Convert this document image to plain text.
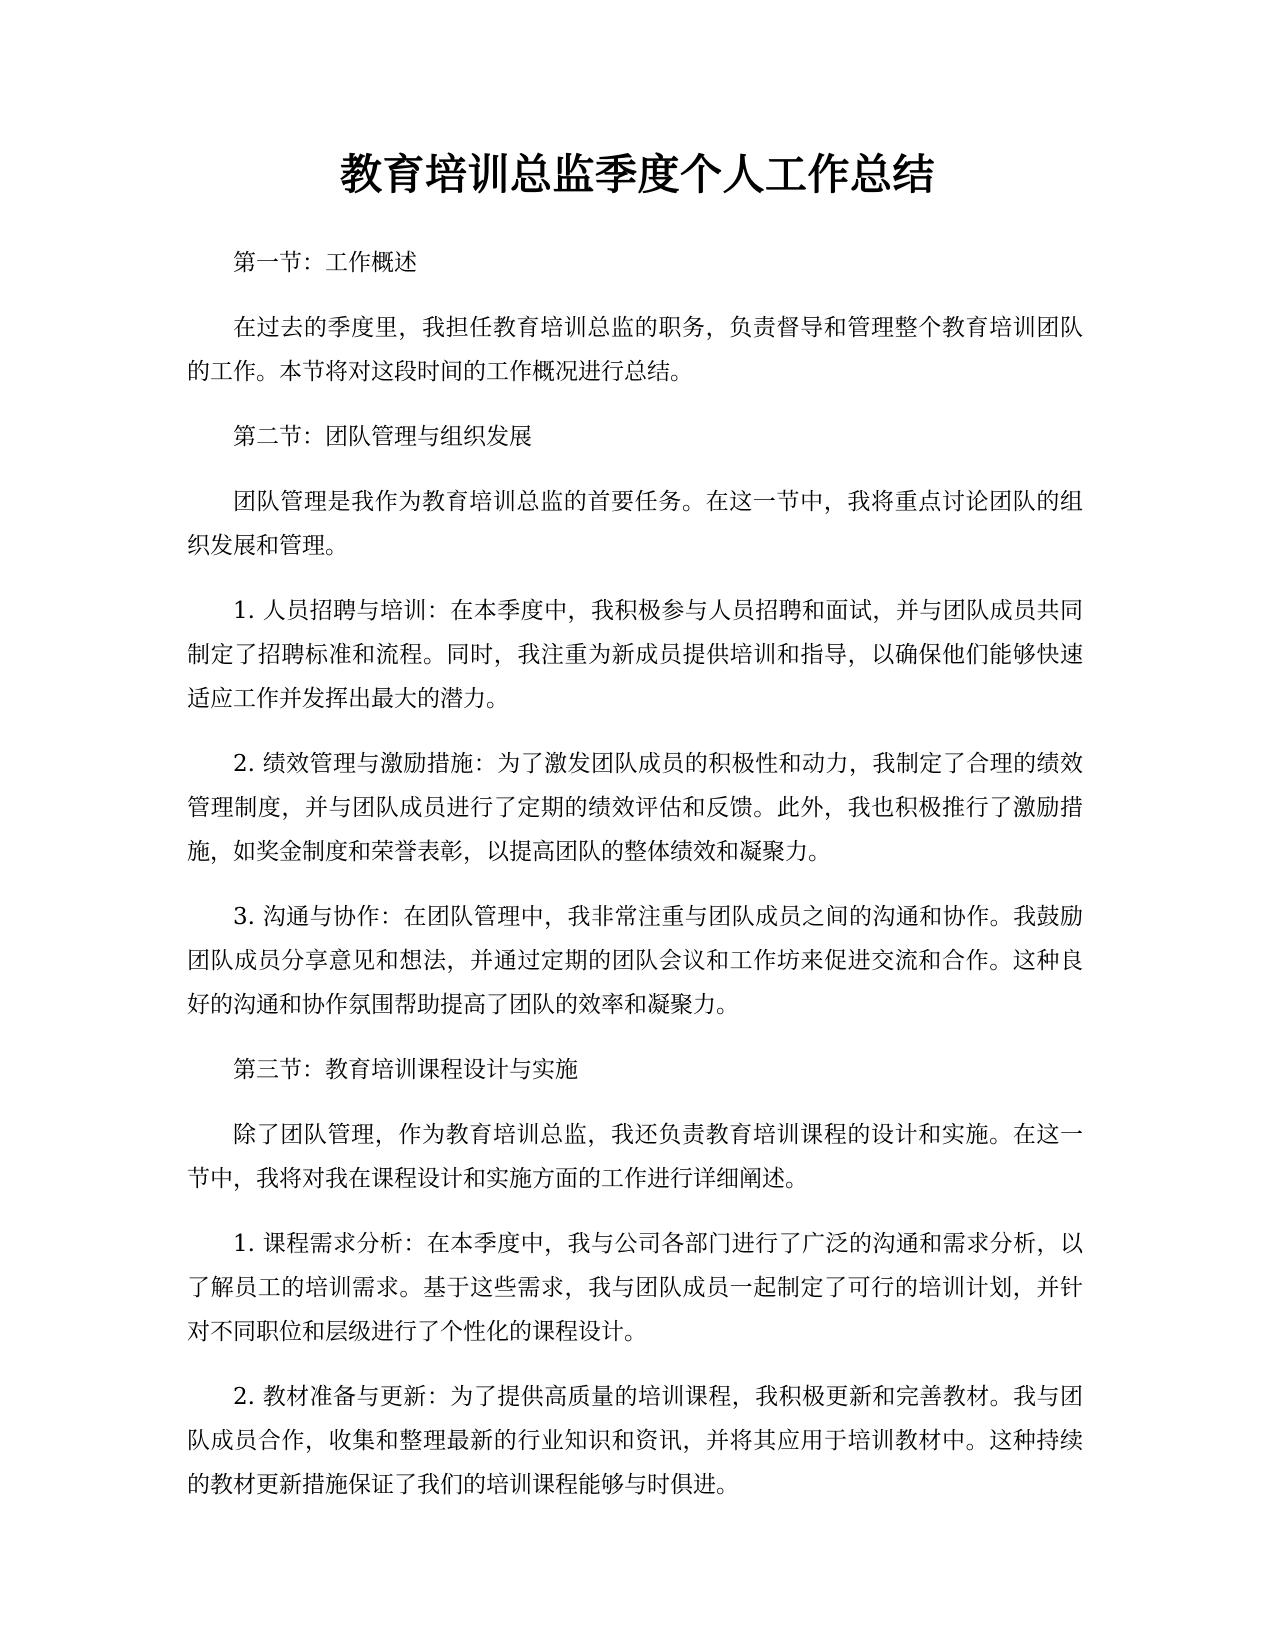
教育培训总监季度个人工作总结

第一节：工作概述

在过去的季度里，我担任教育培训总监的职务，负责督导和管理整个教育培训团队的工作。本节将对这段时间的工作概况进行总结。

第二节：团队管理与组织发展

团队管理是我作为教育培训总监的首要任务。在这一节中，我将重点讨论团队的组织发展和管理。

1. 人员招聘与培训：在本季度中，我积极参与人员招聘和面试，并与团队成员共同制定了招聘标准和流程。同时，我注重为新成员提供培训和指导，以确保他们能够快速适应工作并发挥出最大的潜力。

2. 绩效管理与激励措施：为了激发团队成员的积极性和动力，我制定了合理的绩效管理制度，并与团队成员进行了定期的绩效评估和反馈。此外，我也积极推行了激励措施，如奖金制度和荣誉表彰，以提高团队的整体绩效和凝聚力。

3. 沟通与协作：在团队管理中，我非常注重与团队成员之间的沟通和协作。我鼓励团队成员分享意见和想法，并通过定期的团队会议和工作坊来促进交流和合作。这种良好的沟通和协作氛围帮助提高了团队的效率和凝聚力。

第三节：教育培训课程设计与实施

除了团队管理，作为教育培训总监，我还负责教育培训课程的设计和实施。在这一节中，我将对我在课程设计和实施方面的工作进行详细阐述。

1. 课程需求分析：在本季度中，我与公司各部门进行了广泛的沟通和需求分析，以了解员工的培训需求。基于这些需求，我与团队成员一起制定了可行的培训计划，并针对不同职位和层级进行了个性化的课程设计。

2. 教材准备与更新：为了提供高质量的培训课程，我积极更新和完善教材。我与团队成员合作，收集和整理最新的行业知识和资讯，并将其应用于培训教材中。这种持续的教材更新措施保证了我们的培训课程能够与时俱进。
